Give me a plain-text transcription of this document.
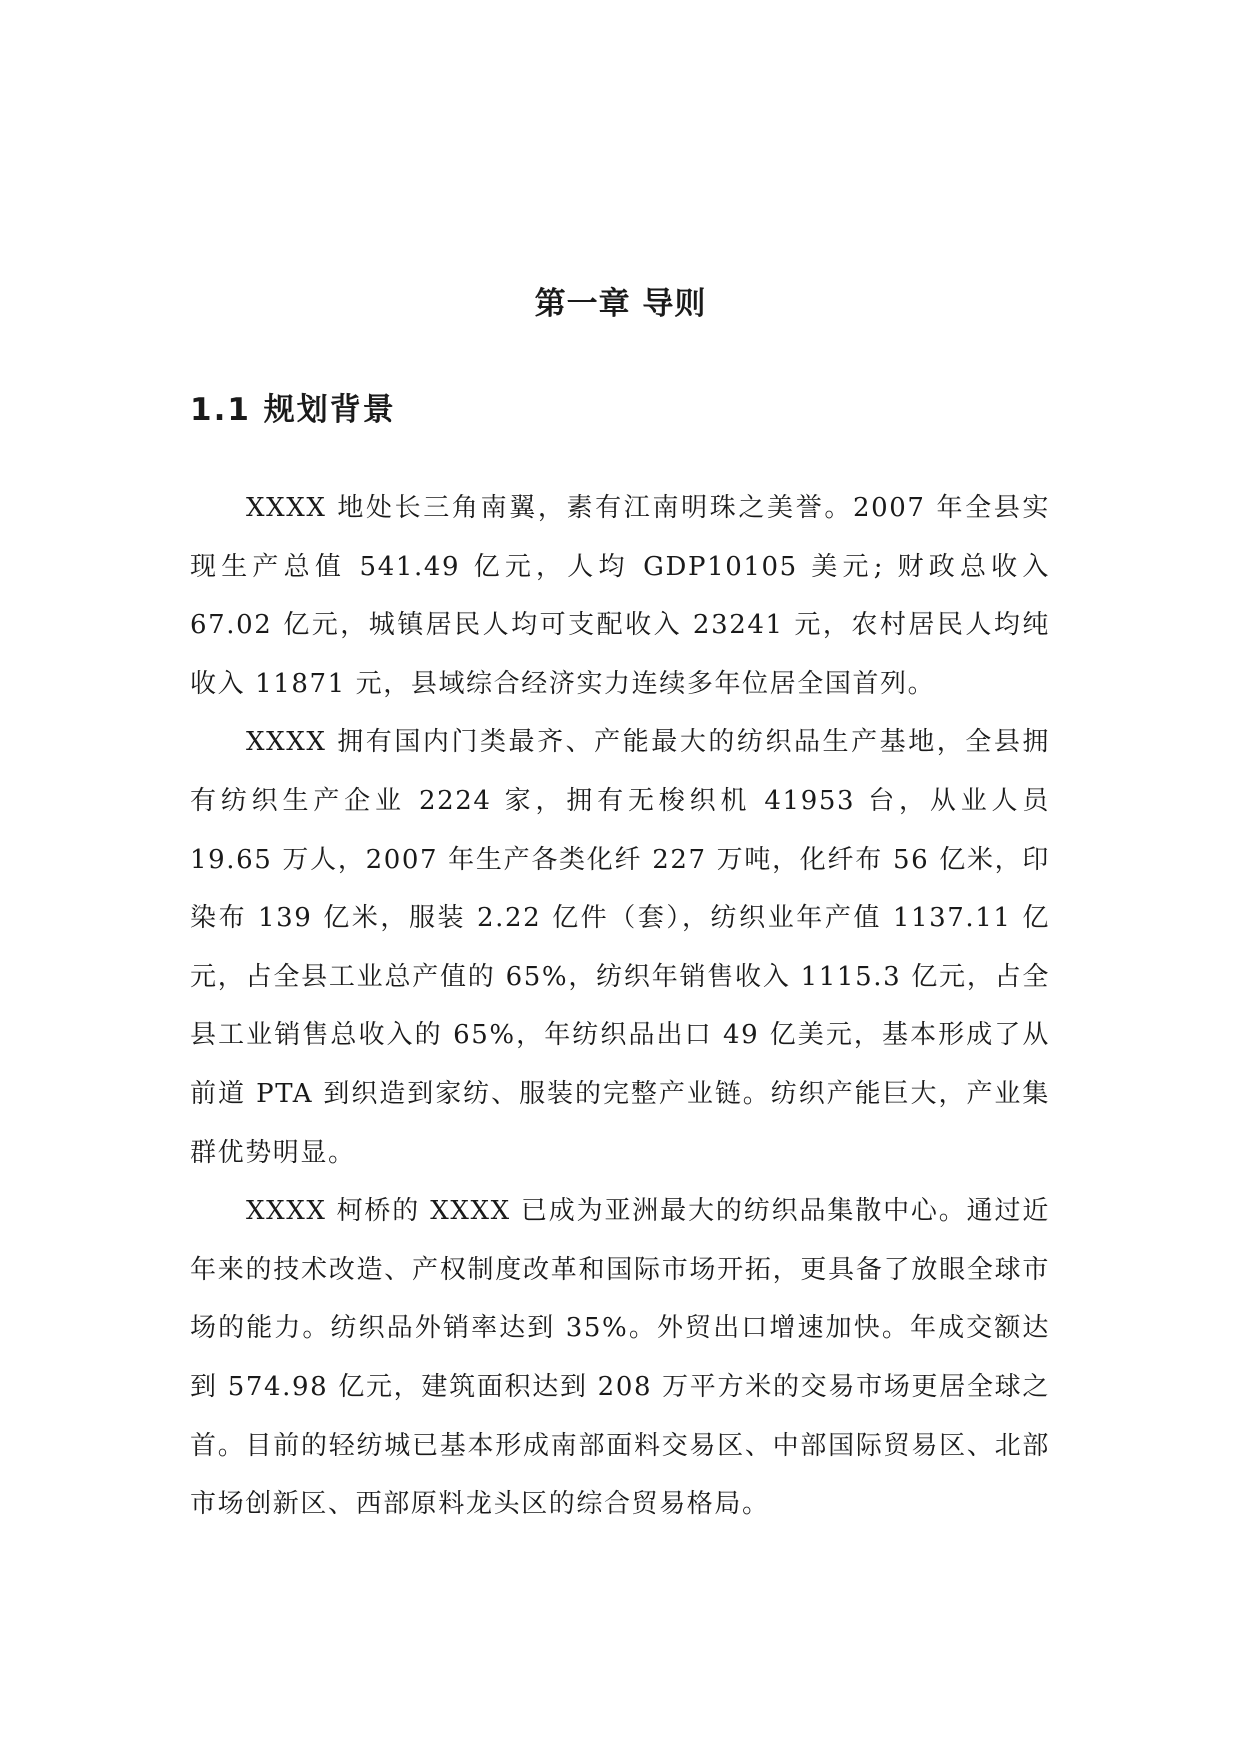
第一章 导则
1.1 规划背景

XXXX 地处长三角南翼，素有江南明珠之美誉。2007 年全县实现生产总值 541.49 亿元，人均 GDP10105 美元; 财政总收入 67.02 亿元，城镇居民人均可支配收入 23241 元，农村居民人均纯收入 11871 元，县域综合经济实力连续多年位居全国首列。

XXXX 拥有国内门类最齐、产能最大的纺织品生产基地，全县拥有纺织生产企业 2224 家，拥有无梭织机 41953 台，从业人员 19.65 万人，2007 年生产各类化纤 227 万吨，化纤布 56 亿米，印染布 139 亿米，服装 2.22 亿件（套），纺织业年产值 1137.11 亿元，占全县工业总产值的 65%，纺织年销售收入 1115.3 亿元，占全县工业销售总收入的 65%，年纺织品出口 49 亿美元，基本形成了从前道 PTA 到织造到家纺、服装的完整产业链。纺织产能巨大，产业集群优势明显。

XXXX 柯桥的 XXXX 已成为亚洲最大的纺织品集散中心。通过近年来的技术改造、产权制度改革和国际市场开拓，更具备了放眼全球市场的能力。纺织品外销率达到 35%。外贸出口增速加快。年成交额达到 574.98 亿元，建筑面积达到 208 万平方米的交易市场更居全球之首。目前的轻纺城已基本形成南部面料交易区、中部国际贸易区、北部市场创新区、西部原料龙头区的综合贸易格局。
